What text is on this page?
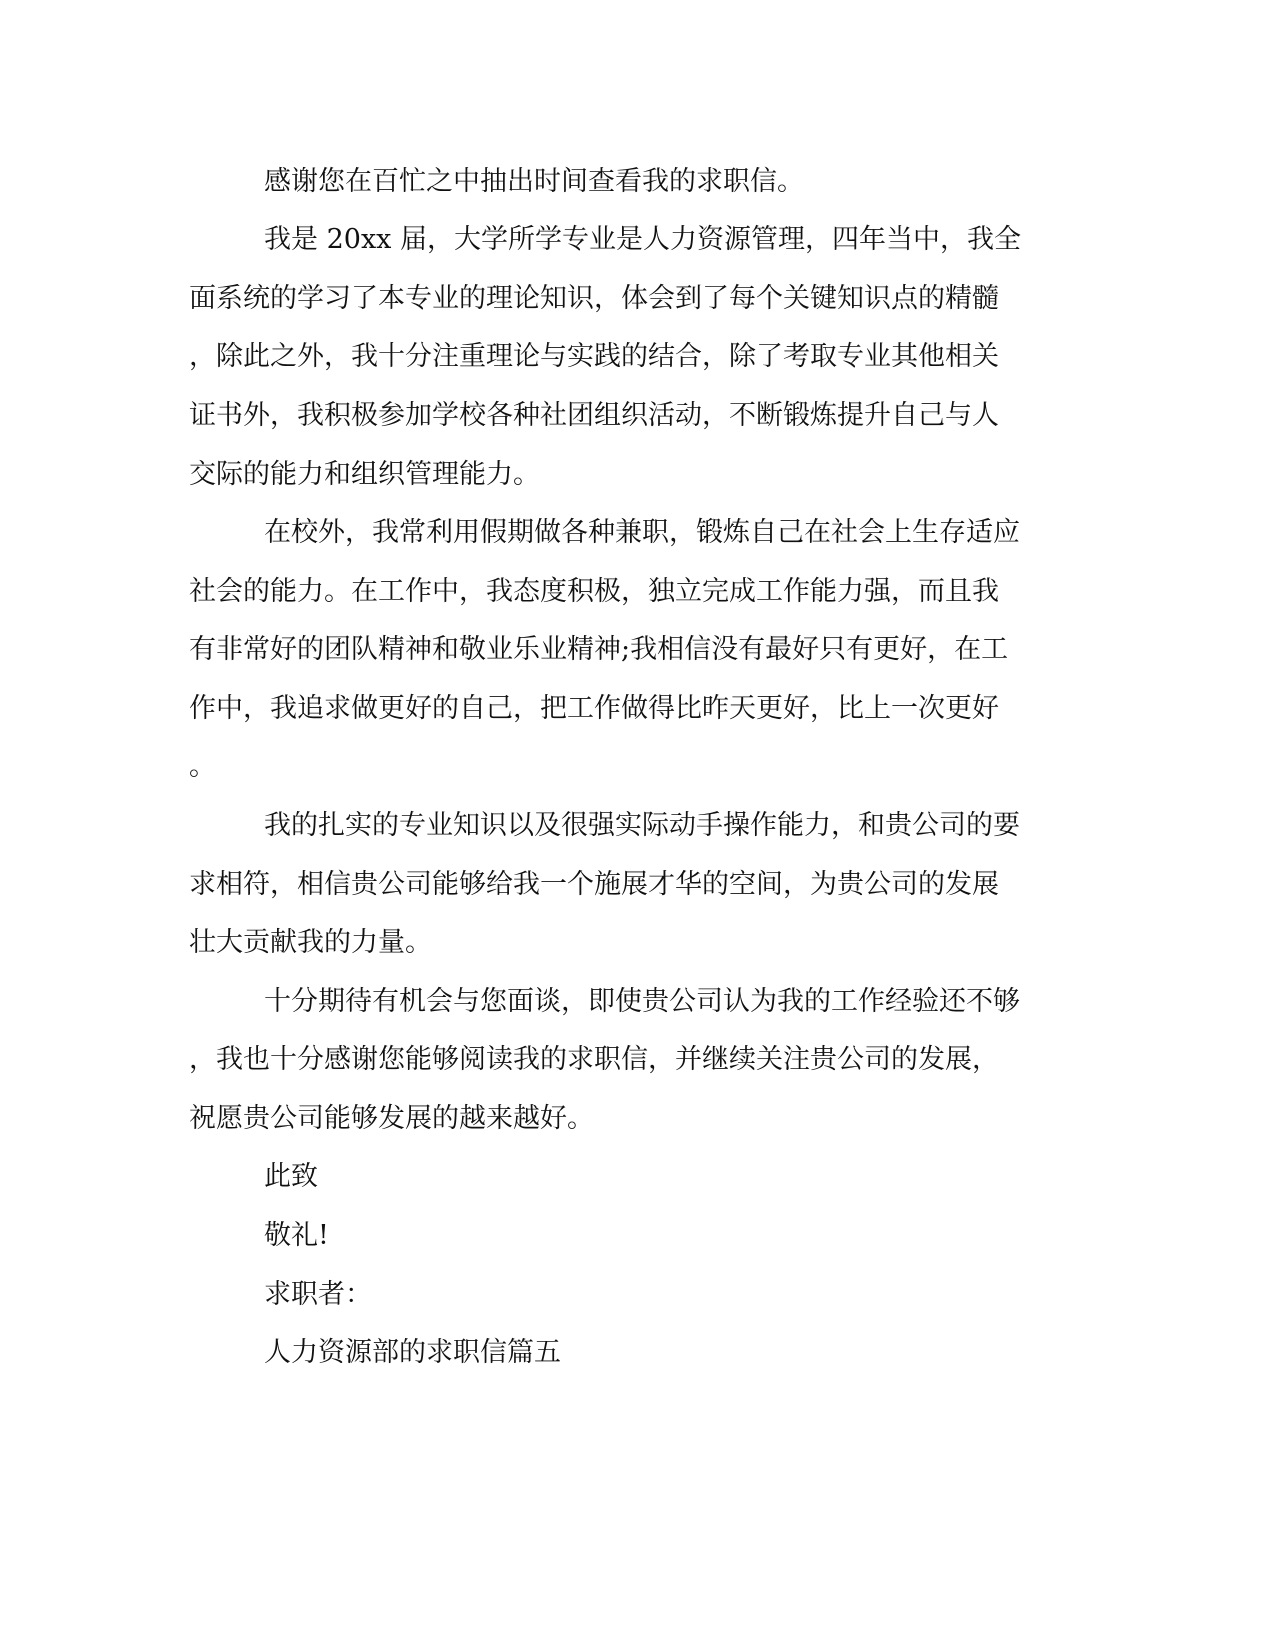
感谢您在百忙之中抽出时间查看我的求职信。
我是 20xx 届，大学所学专业是人力资源管理，四年当中，我全
面系统的学习了本专业的理论知识，体会到了每个关键知识点的精髓
，除此之外，我十分注重理论与实践的结合，除了考取专业其他相关
证书外，我积极参加学校各种社团组织活动，不断锻炼提升自己与人
交际的能力和组织管理能力。
在校外，我常利用假期做各种兼职，锻炼自己在社会上生存适应
社会的能力。在工作中，我态度积极，独立完成工作能力强，而且我
有非常好的团队精神和敬业乐业精神;我相信没有最好只有更好，在工
作中，我追求做更好的自己，把工作做得比昨天更好，比上一次更好
。
我的扎实的专业知识以及很强实际动手操作能力，和贵公司的要
求相符，相信贵公司能够给我一个施展才华的空间，为贵公司的发展
壮大贡献我的力量。
十分期待有机会与您面谈，即使贵公司认为我的工作经验还不够
，我也十分感谢您能够阅读我的求职信，并继续关注贵公司的发展，
祝愿贵公司能够发展的越来越好。
此致
敬礼!
求职者：
人力资源部的求职信篇五
